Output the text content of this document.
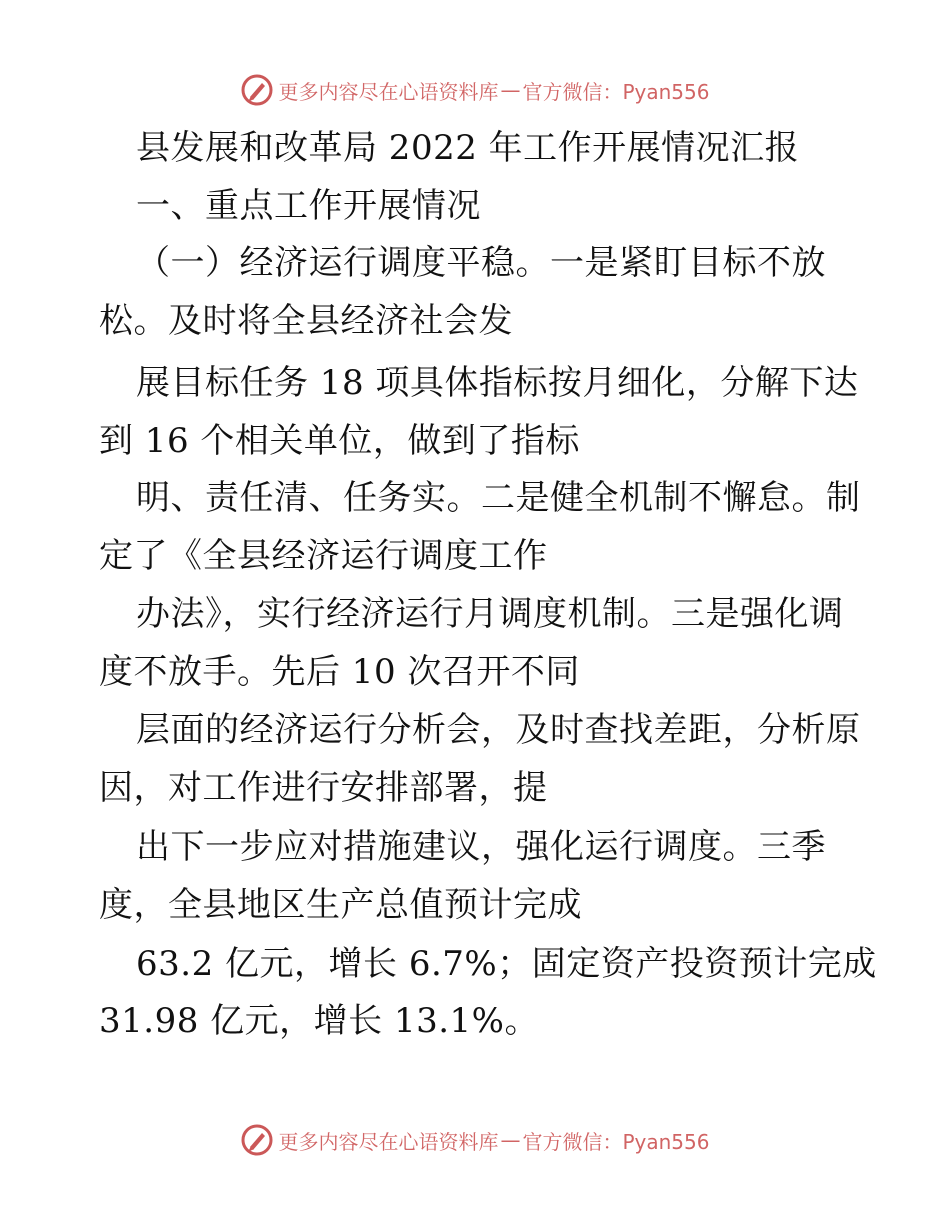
更多内容尽在心语资料库 — 官方微信：Pyan556
县发展和改革局 2022 年工作开展情况汇报
一、重点工作开展情况
（一）经济运行调度平稳。一是紧盯目标不放
松。及时将全县经济社会发
展目标任务 18 项具体指标按月细化，分解下达
到 16 个相关单位，做到了指标
明、责任清、任务实。二是健全机制不懈怠。制
定了《全县经济运行调度工作
办法》，实行经济运行月调度机制。三是强化调
度不放手。先后 10 次召开不同
层面的经济运行分析会，及时查找差距，分析原
因，对工作进行安排部署，提
出下一步应对措施建议，强化运行调度。三季
度，全县地区生产总值预计完成
63.2 亿元，增长 6.7%；固定资产投资预计完成
31.98 亿元，增长 13.1%。
更多内容尽在心语资料库 — 官方微信：Pyan556
